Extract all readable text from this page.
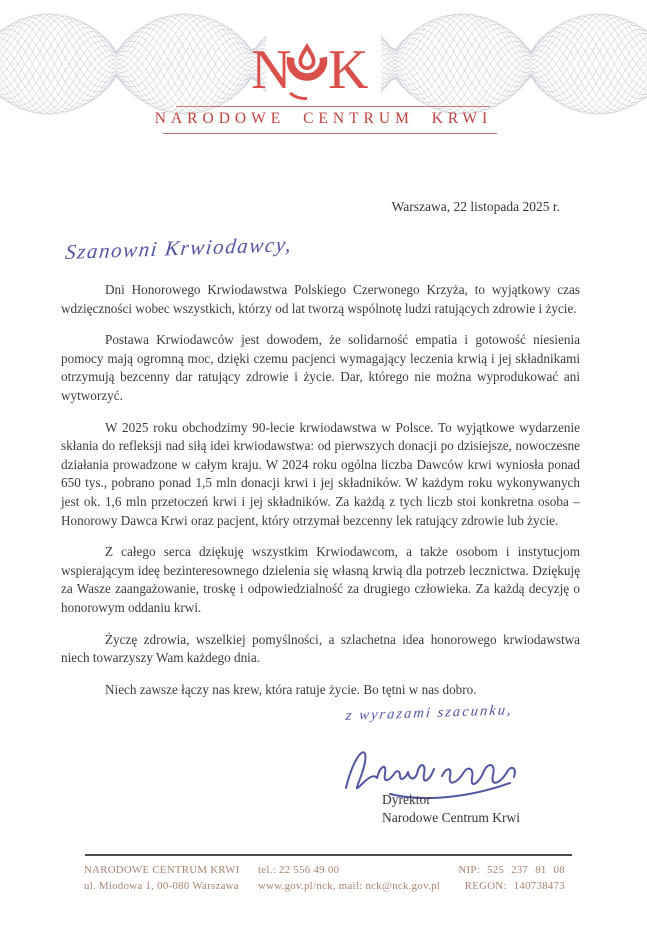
N K
NARODOWE CENTRUM KRWI
Warszawa, 22 listopada 2025 r.
Szanowni Krwiodawcy,

Dni Honorowego Krwiodawstwa Polskiego Czerwonego Krzyża, to wyjątkowy czas wdzięczności wobec wszystkich, którzy od lat tworzą wspólnotę ludzi ratujących zdrowie i życie.

Postawa Krwiodawców jest dowodem, że solidarność empatia i gotowość niesienia pomocy mają ogromną moc, dzięki czemu pacjenci wymagający leczenia krwią i jej składnikami otrzymują bezcenny dar ratujący zdrowie i życie. Dar, którego nie można wyprodukować ani wytworzyć.

W 2025 roku obchodzimy 90-lecie krwiodawstwa w Polsce. To wyjątkowe wydarzenie skłania do refleksji nad siłą idei krwiodawstwa: od pierwszych donacji po dzisiejsze, nowoczesne działania prowadzone w całym kraju. W 2024 roku ogólna liczba Dawców krwi wyniosła ponad 650 tys., pobrano ponad 1,5 mln donacji krwi i jej składników. W każdym roku wykonywanych jest ok. 1,6 mln przetoczeń krwi i jej składników. Za każdą z tych liczb stoi konkretna osoba – Honorowy Dawca Krwi oraz pacjent, który otrzymał bezcenny lek ratujący zdrowie lub życie.

Z całego serca dziękuję wszystkim Krwiodawcom, a także osobom i instytucjom wspierającym ideę bezinteresownego dzielenia się własną krwią dla potrzeb lecznictwa. Dziękuję za Wasze zaangażowanie, troskę i odpowiedzialność za drugiego człowieka. Za każdą decyzję o honorowym oddaniu krwi.

Życzę zdrowia, wszelkiej pomyślności, a szlachetna idea honorowego krwiodawstwa niech towarzyszy Wam każdego dnia.

Niech zawsze łączy nas krew, która ratuje życie. Bo tętni w nas dobro.

z wyrazami szacunku,
Dyrektor
Narodowe Centrum Krwi
NARODOWE CENTRUM KRWI
ul. Miodowa 1, 00-080 Warszawa
tel.: 22 556 49 00
www.gov.pl/nck, mail: nck@nck.gov.pl
NIP: 525 237 81 08
REGON: 140738473
